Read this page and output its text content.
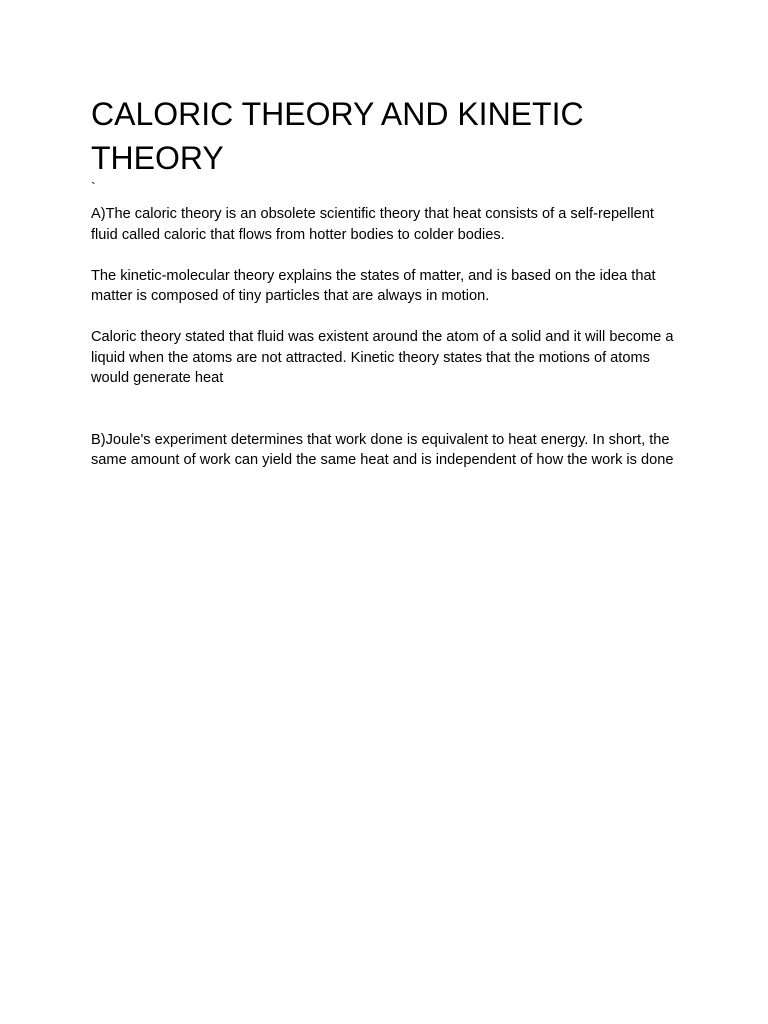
CALORIC THEORY AND KINETIC THEORY
`

A)The caloric theory is an obsolete scientific theory that heat consists of a self-repellent fluid called caloric that flows from hotter bodies to colder bodies.

The kinetic-molecular theory explains the states of matter, and is based on the idea that matter is composed of tiny particles that are always in motion.

Caloric theory stated that fluid was existent around the atom of a solid and it will become a liquid when the atoms are not attracted. Kinetic theory states that the motions of atoms would generate heat

B)Joule's experiment determines that work done is equivalent to heat energy. In short, the same amount of work can yield the same heat and is independent of how the work is done
